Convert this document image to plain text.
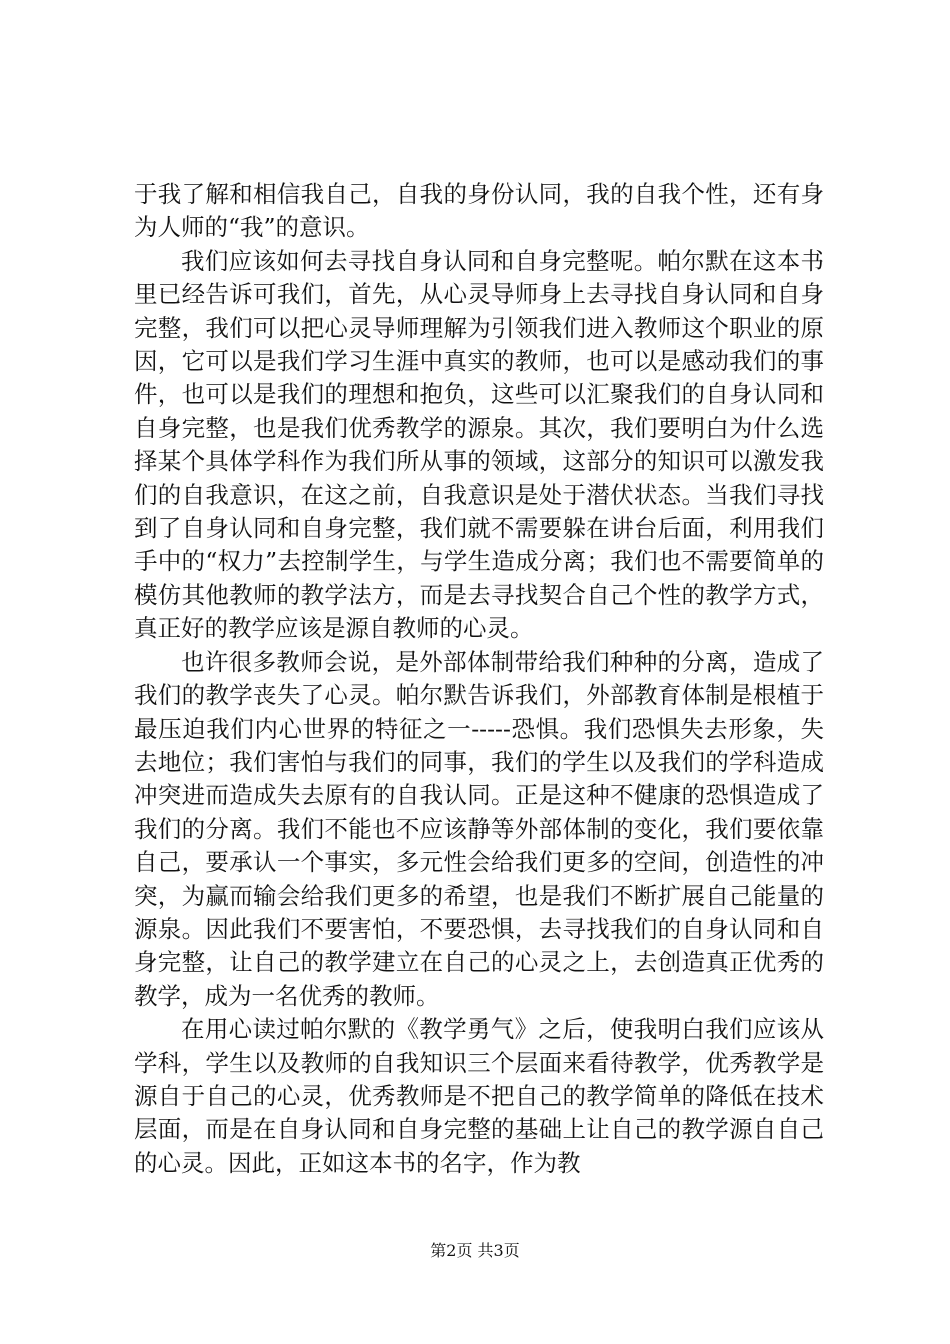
于我了解和相信我自己，自我的身份认同，我的自我个性，还有身为人师的“我”的意识。

我们应该如何去寻找自身认同和自身完整呢。帕尔默在这本书里已经告诉可我们，首先，从心灵导师身上去寻找自身认同和自身完整，我们可以把心灵导师理解为引领我们进入教师这个职业的原因，它可以是我们学习生涯中真实的教师，也可以是感动我们的事件，也可以是我们的理想和抱负，这些可以汇聚我们的自身认同和自身完整，也是我们优秀教学的源泉。其次，我们要明白为什么选择某个具体学科作为我们所从事的领域，这部分的知识可以激发我们的自我意识，在这之前，自我意识是处于潜伏状态。当我们寻找到了自身认同和自身完整，我们就不需要躲在讲台后面，利用我们手中的“权力”去控制学生，与学生造成分离；我们也不需要简单的模仿其他教师的教学法方，而是去寻找契合自己个性的教学方式，真正好的教学应该是源自教师的心灵。

也许很多教师会说，是外部体制带给我们种种的分离，造成了我们的教学丧失了心灵。帕尔默告诉我们，外部教育体制是根植于最压迫我们内心世界的特征之一-----恐惧。我们恐惧失去形象，失去地位；我们害怕与我们的同事，我们的学生以及我们的学科造成冲突进而造成失去原有的自我认同。正是这种不健康的恐惧造成了我们的分离。我们不能也不应该静等外部体制的变化，我们要依靠自己，要承认一个事实，多元性会给我们更多的空间，创造性的冲突，为赢而输会给我们更多的希望，也是我们不断扩展自己能量的源泉。因此我们不要害怕，不要恐惧，去寻找我们的自身认同和自身完整，让自己的教学建立在自己的心灵之上，去创造真正优秀的教学，成为一名优秀的教师。

在用心读过帕尔默的《教学勇气》之后，使我明白我们应该从学科，学生以及教师的自我知识三个层面来看待教学，优秀教学是源自于自己的心灵，优秀教师是不把自己的教学简单的降低在技术层面，而是在自身认同和自身完整的基础上让自己的教学源自自己的心灵。因此，正如这本书的名字，作为教

第2页 共3页
